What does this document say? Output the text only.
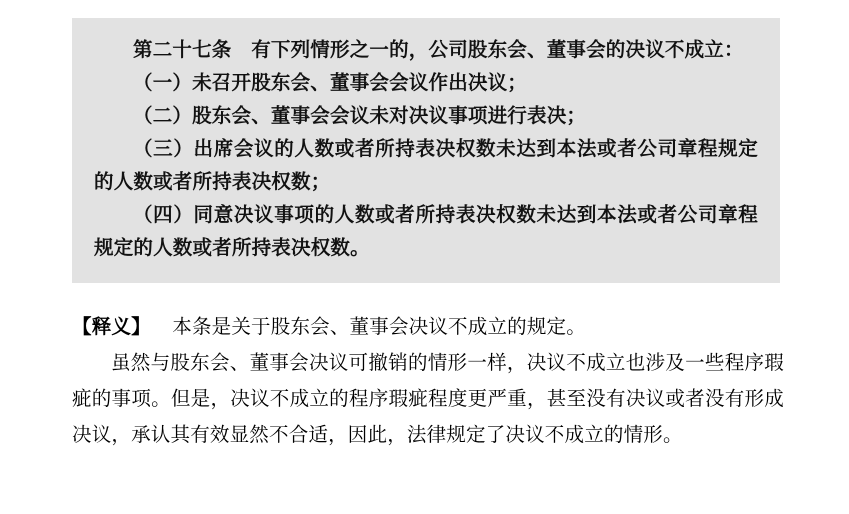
第二十七条　有下列情形之一的，公司股东会、董事会的决议不成立：

（一）未召开股东会、董事会会议作出决议；

（二）股东会、董事会会议未对决议事项进行表决；

（三）出席会议的人数或者所持表决权数未达到本法或者公司章程规定的人数或者所持表决权数；

（四）同意决议事项的人数或者所持表决权数未达到本法或者公司章程规定的人数或者所持表决权数。

【释义】 本条是关于股东会、董事会决议不成立的规定。

虽然与股东会、董事会决议可撤销的情形一样，决议不成立也涉及一些程序瑕疵的事项。但是，决议不成立的程序瑕疵程度更严重，甚至没有决议或者没有形成决议，承认其有效显然不合适，因此，法律规定了决议不成立的情形。
